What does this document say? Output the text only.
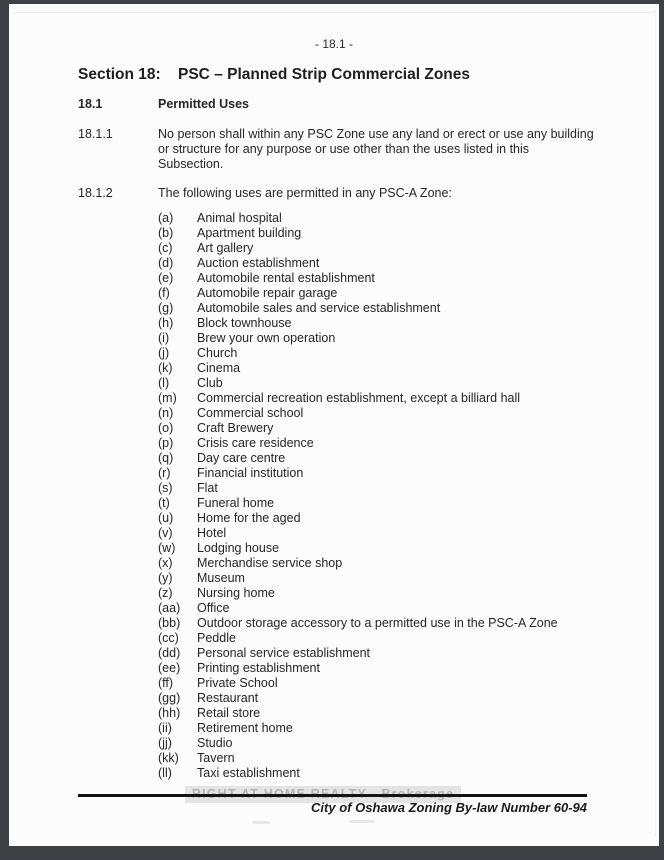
- 18.1 -
Section 18: PSC – Planned Strip Commercial Zones
18.1	Permitted Uses
18.1.1	No person shall within any PSC Zone use any land or erect or use any building or structure for any purpose or use other than the uses listed in this Subsection.
18.1.2	The following uses are permitted in any PSC-A Zone:
(a) Animal hospital
(b) Apartment building
(c) Art gallery
(d) Auction establishment
(e) Automobile rental establishment
(f) Automobile repair garage
(g) Automobile sales and service establishment
(h) Block townhouse
(i) Brew your own operation
(j) Church
(k) Cinema
(l) Club
(m) Commercial recreation establishment, except a billiard hall
(n) Commercial school
(o) Craft Brewery
(p) Crisis care residence
(q) Day care centre
(r) Financial institution
(s) Flat
(t) Funeral home
(u) Home for the aged
(v) Hotel
(w) Lodging house
(x) Merchandise service shop
(y) Museum
(z) Nursing home
(aa) Office
(bb) Outdoor storage accessory to a permitted use in the PSC-A Zone
(cc) Peddle
(dd) Personal service establishment
(ee) Printing establishment
(ff) Private School
(gg) Restaurant
(hh) Retail store
(ii) Retirement home
(jj) Studio
(kk) Tavern
(ll) Taxi establishment
City of Oshawa Zoning By-law Number 60-94
